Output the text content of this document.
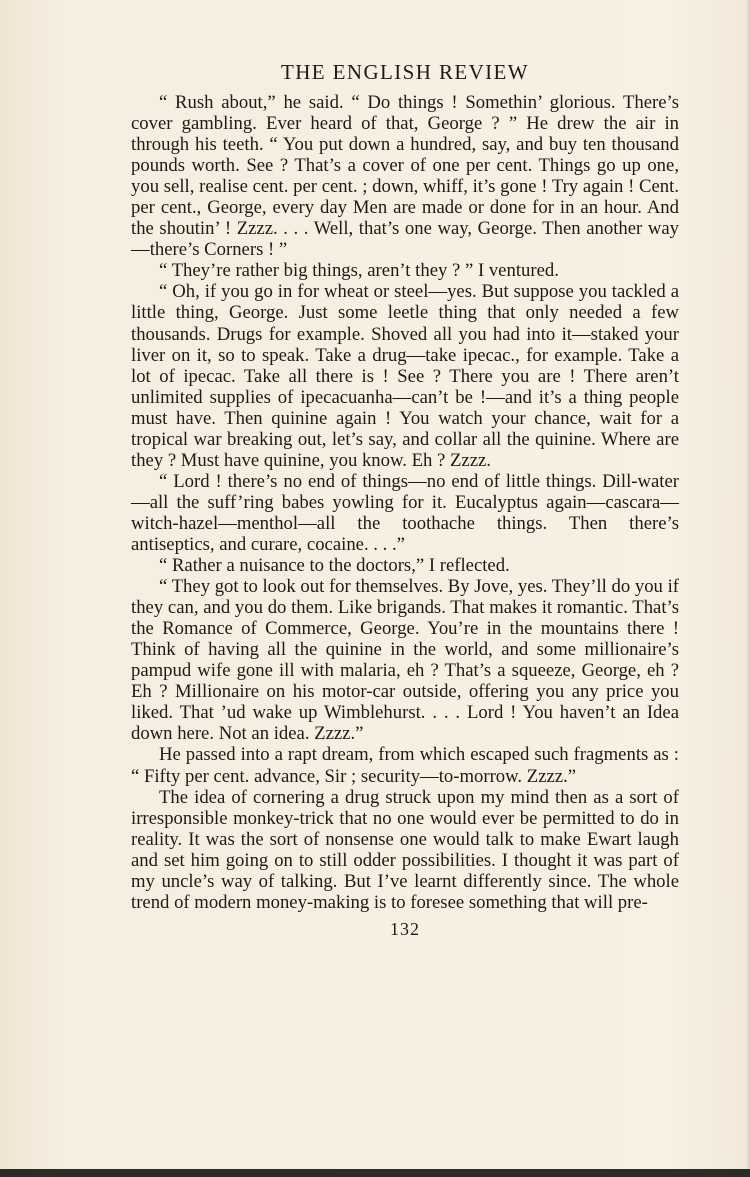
THE ENGLISH REVIEW

“ Rush about,” he said. “ Do things ! Somethin’ glorious. There’s cover gambling. Ever heard of that, George ? ” He drew the air in through his teeth. “ You put down a hundred, say, and buy ten thousand pounds worth. See ? That’s a cover of one per cent. Things go up one, you sell, realise cent. per cent. ; down, whiff, it’s gone ! Try again ! Cent. per cent., George, every day Men are made or done for in an hour. And the shoutin’ ! Zzzz. . . . Well, that’s one way, George. Then another way—there’s Corners ! ”

“ They’re rather big things, aren’t they ? ” I ventured.

“ Oh, if you go in for wheat or steel—yes. But suppose you tackled a little thing, George. Just some leetle thing that only needed a few thousands. Drugs for example. Shoved all you had into it—staked your liver on it, so to speak. Take a drug—take ipecac., for example. Take a lot of ipecac. Take all there is ! See ? There you are ! There aren’t unlimited supplies of ipecacuanha—can’t be !—and it’s a thing people must have. Then quinine again ! You watch your chance, wait for a tropical war breaking out, let’s say, and collar all the quinine. Where are they ? Must have quinine, you know. Eh ? Zzzz.

“ Lord ! there’s no end of things—no end of little things. Dill-water—all the suff’ring babes yowling for it. Eucalyptus again—cascara—witch-hazel—menthol—all the toothache things. Then there’s antiseptics, and curare, cocaine. . . .”

“ Rather a nuisance to the doctors,” I reflected.

“ They got to look out for themselves. By Jove, yes. They’ll do you if they can, and you do them. Like brigands. That makes it romantic. That’s the Romance of Commerce, George. You’re in the mountains there ! Think of having all the quinine in the world, and some millionaire’s pampud wife gone ill with malaria, eh ? That’s a squeeze, George, eh ? Eh ? Millionaire on his motor-car outside, offering you any price you liked. That ’ud wake up Wimblehurst. . . . Lord ! You haven’t an Idea down here. Not an idea. Zzzz.”

He passed into a rapt dream, from which escaped such fragments as : “ Fifty per cent. advance, Sir ; security—to-morrow. Zzzz.”

The idea of cornering a drug struck upon my mind then as a sort of irresponsible monkey-trick that no one would ever be permitted to do in reality. It was the sort of nonsense one would talk to make Ewart laugh and set him going on to still odder possibilities. I thought it was part of my uncle’s way of talking. But I’ve learnt differently since. The whole trend of modern money-making is to foresee something that will pre-

132
